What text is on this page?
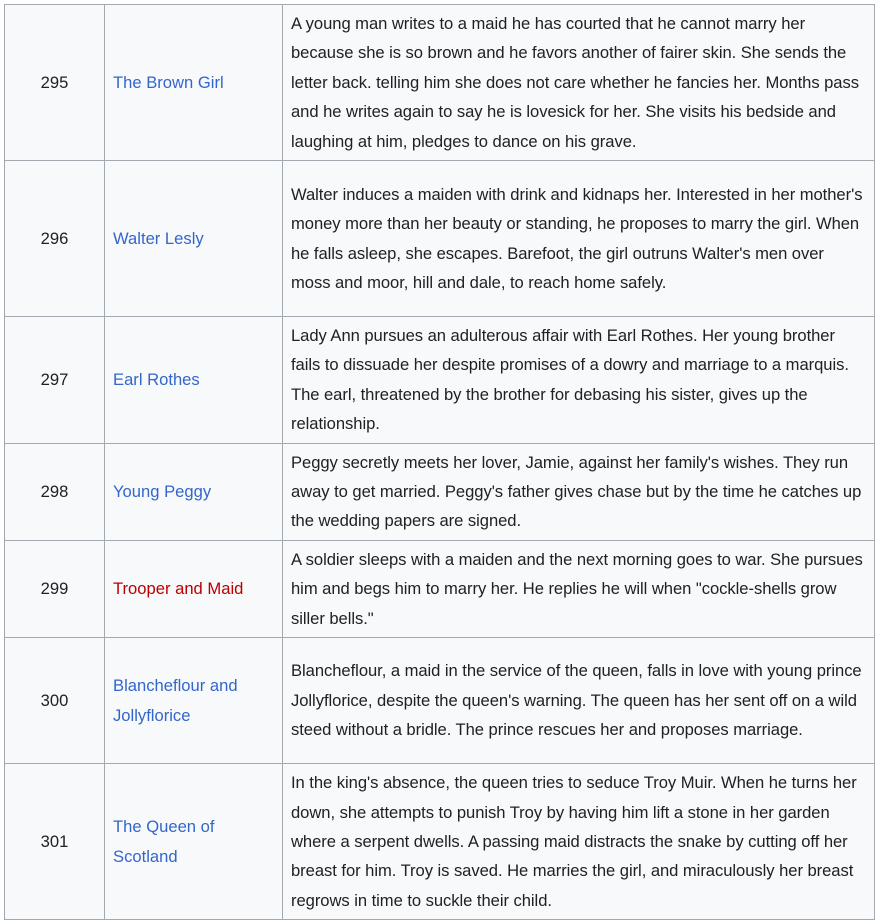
295	The Brown Girl	A young man writes to a maid he has courted that he cannot marry her because she is so brown and he favors another of fairer skin. She sends the letter back. telling him she does not care whether he fancies her. Months pass and he writes again to say he is lovesick for her. She visits his bedside and laughing at him, pledges to dance on his grave.
296	Walter Lesly	Walter induces a maiden with drink and kidnaps her. Interested in her mother's money more than her beauty or standing, he proposes to marry the girl. When he falls asleep, she escapes. Barefoot, the girl outruns Walter's men over moss and moor, hill and dale, to reach home safely.
297	Earl Rothes	Lady Ann pursues an adulterous affair with Earl Rothes. Her young brother fails to dissuade her despite promises of a dowry and marriage to a marquis. The earl, threatened by the brother for debasing his sister, gives up the relationship.
298	Young Peggy	Peggy secretly meets her lover, Jamie, against her family's wishes. They run away to get married. Peggy's father gives chase but by the time he catches up the wedding papers are signed.
299	Trooper and Maid	A soldier sleeps with a maiden and the next morning goes to war. She pursues him and begs him to marry her. He replies he will when "cockle-shells grow siller bells."
300	Blancheflour and Jollyflorice	Blancheflour, a maid in the service of the queen, falls in love with young prince Jollyflorice, despite the queen's warning. The queen has her sent off on a wild steed without a bridle. The prince rescues her and proposes marriage.
301	The Queen of Scotland	In the king's absence, the queen tries to seduce Troy Muir. When he turns her down, she attempts to punish Troy by having him lift a stone in her garden where a serpent dwells. A passing maid distracts the snake by cutting off her breast for him. Troy is saved. He marries the girl, and miraculously her breast regrows in time to suckle their child.
